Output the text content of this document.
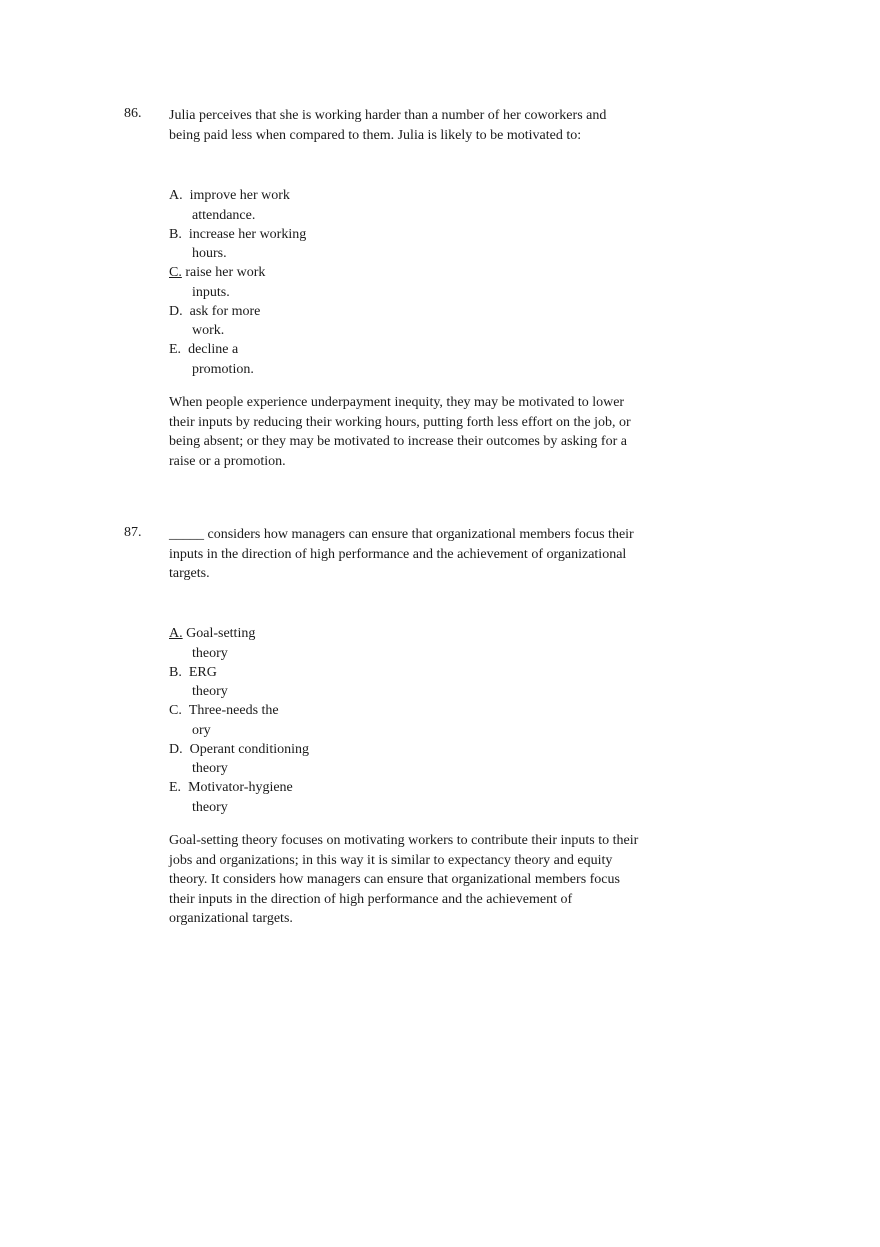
86. Julia perceives that she is working harder than a number of her coworkers and
being paid less when compared to them. Julia is likely to be motivated to:
A. improve her work
attendance.
B. increase her working
hours.
C. raise her work
inputs.
D. ask for more
work.
E. decline a
promotion.
When people experience underpayment inequity, they may be motivated to lower
their inputs by reducing their working hours, putting forth less effort on the job, or
being absent; or they may be motivated to increase their outcomes by asking for a
raise or a promotion.
87. _____ considers how managers can ensure that organizational members focus their
inputs in the direction of high performance and the achievement of organizational
targets.
A. Goal-setting
theory
B. ERG
theory
C. Three-needs the
ory
D. Operant conditioning
theory
E. Motivator-hygiene
theory
Goal-setting theory focuses on motivating workers to contribute their inputs to their
jobs and organizations; in this way it is similar to expectancy theory and equity
theory. It considers how managers can ensure that organizational members focus
their inputs in the direction of high performance and the achievement of
organizational targets.
